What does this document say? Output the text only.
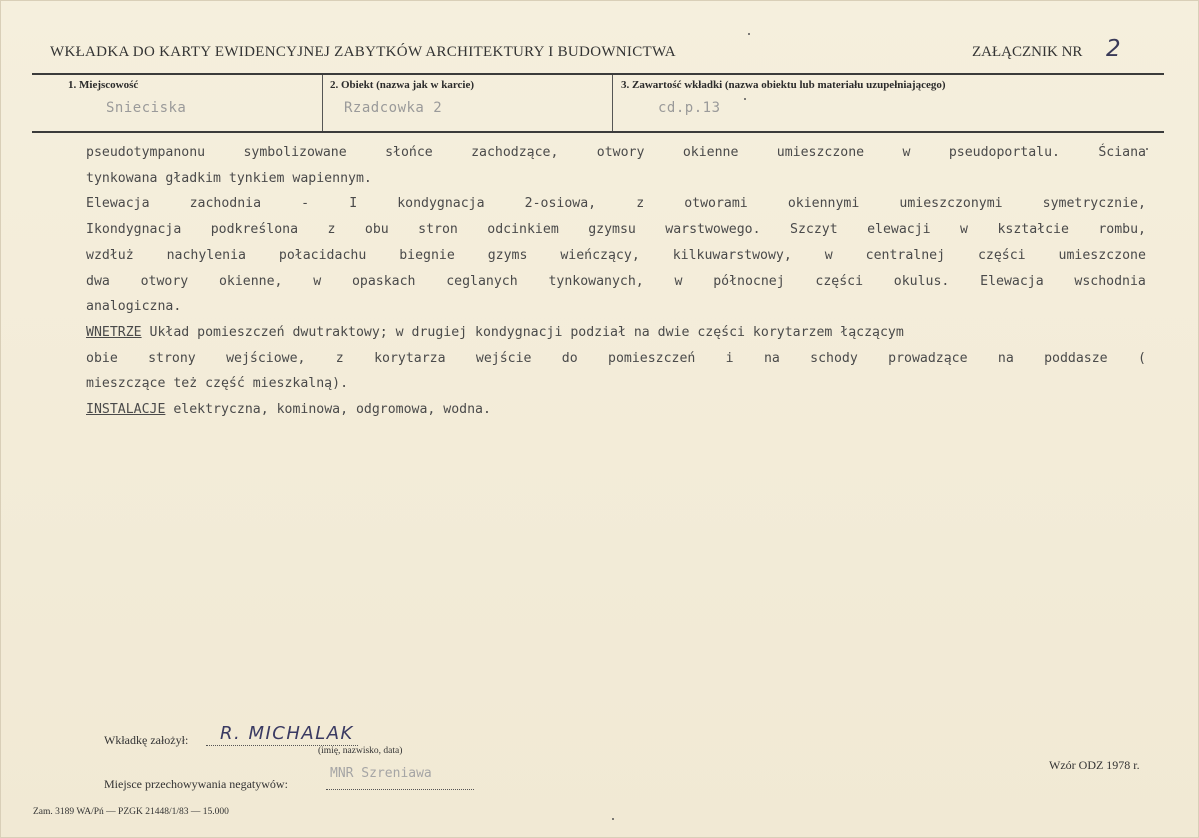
WKŁADKA DO KARTY EWIDENCYJNEJ ZABYTKÓW ARCHITEKTURY I BUDOWNICTWA	ZAŁĄCZNIK NR 2
1. Miejscowość
Snieciska
2. Obiekt (nazwa jak w karcie)
Rzadcowka 2
3. Zawartość wkładki (nazwa obiektu lub materiału uzupełniającego)
cd.p.13

pseudotympanonu	symbolizowane	słońce	zachodzące,	otwory	okienne	umieszczone	w	pseudoportalu.	Ściana

tynkowana gładkim tynkiem wapiennym.

Elewacja	zachodnia	-	I	kondygnacja	2-osiowa,	z	otworami	okiennymi	umieszczonymi	symetrycznie,

Ikondygnacja podkreślona z obu stron odcinkiem gzymsu warstwowego. Szczyt elewacji w kształcie rombu,

wzdłuż nachylenia połacidachu biegnie gzyms wieńczący, kilkuwarstwowy, w centralnej części umieszczone

dwa otwory okienne, w opaskach ceglanych tynkowanych, w północnej części okulus. Elewacja wschodnia

analogiczna.

WNETRZE Układ pomieszczeń dwutraktowy; w drugiej kondygnacji podział na dwie części korytarzem łączącym

obie strony wejściowe, z korytarza wejście do pomieszczeń i na schody prowadzące na poddasze (

mieszczące też część mieszkalną).

INSTALACJE elektryczna, kominowa, odgromowa, wodna.

Wkładkę założył: R. MICHALAK
(imię, nazwisko, data)
Miejsce przechowywania negatywów:
MNR Szreniawa
Wzór ODZ 1978 r.
Zam. 3189 WA/Pń — PZGK 21448/1/83 — 15.000
